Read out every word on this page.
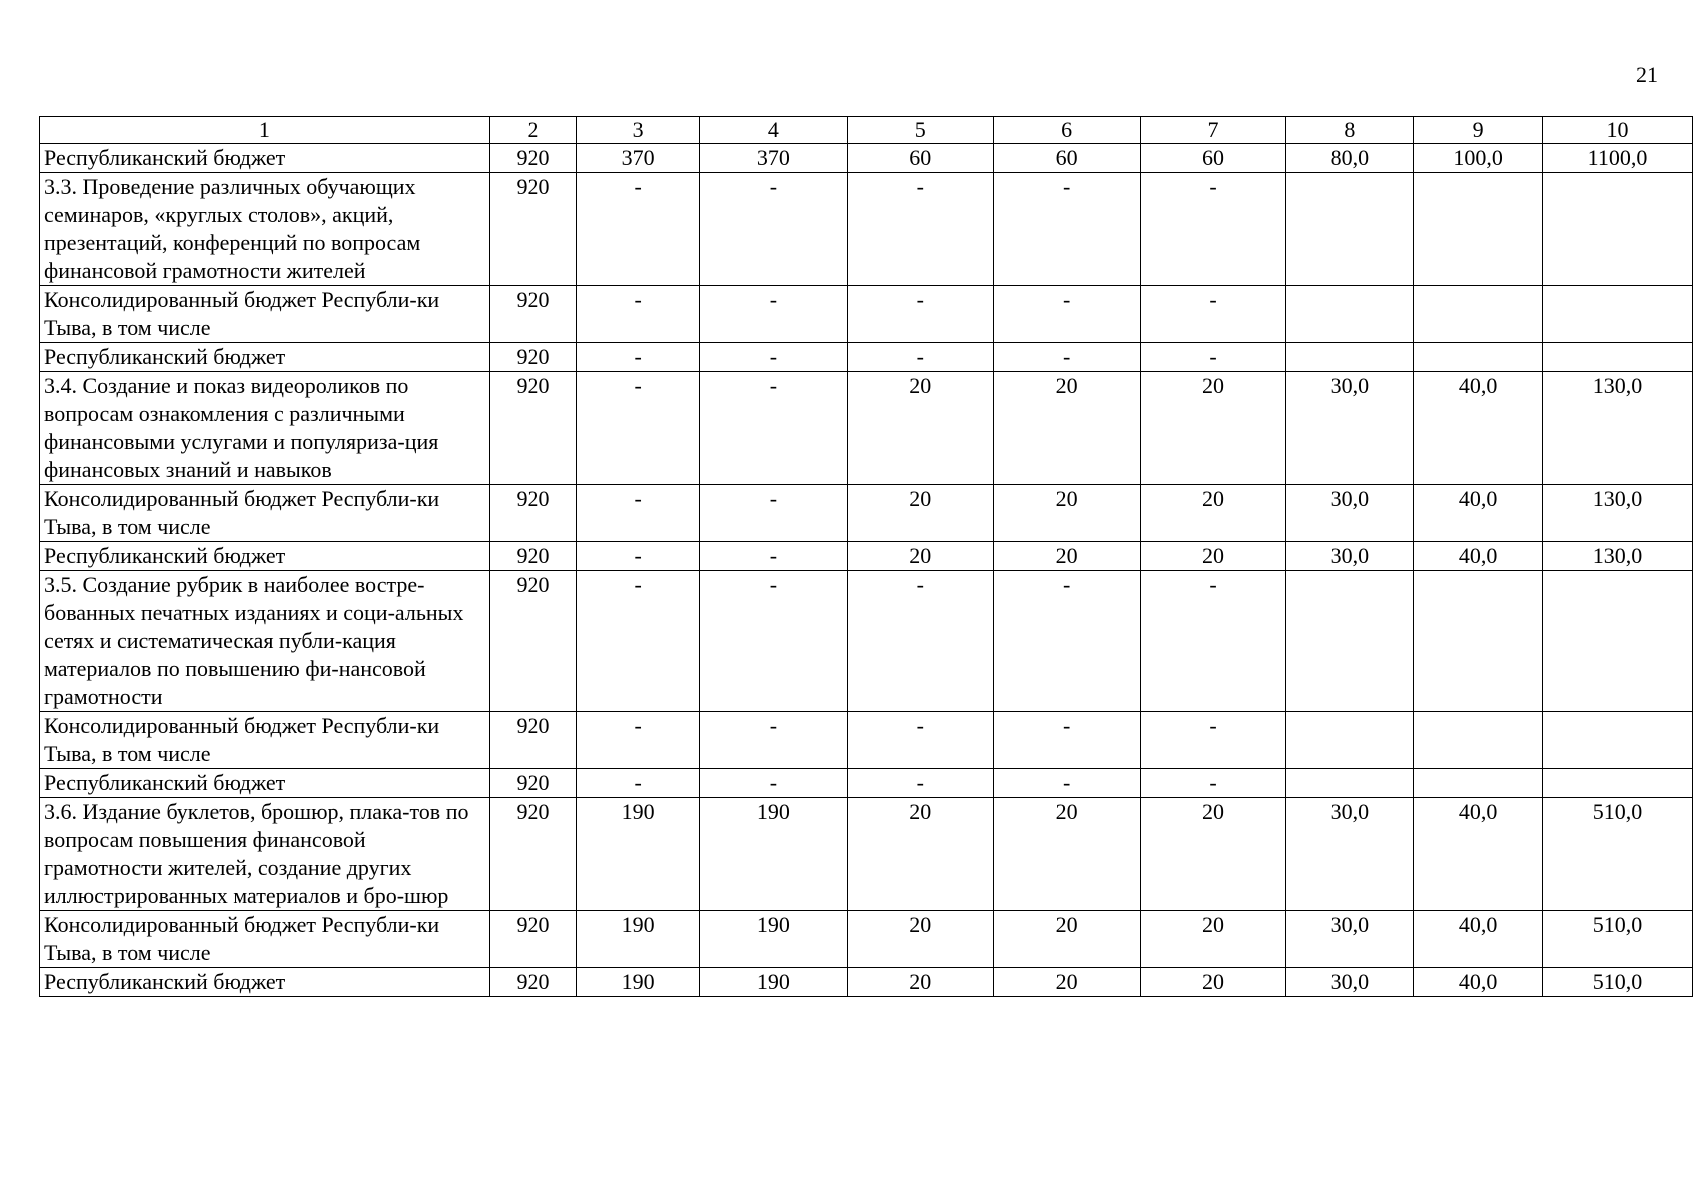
21
1	2	3	4	5	6	7	8	9	10
Республиканский бюджет	920	370	370	60	60	60	80,0	100,0	1100,0
3.3. Проведение различных обучающих семинаров, «круглых столов», акций, презентаций, конференций по вопросам финансовой грамотности жителей	920	-	-	-	-	-			
Консолидированный бюджет Республи-ки Тыва, в том числе	920	-	-	-	-	-			
Республиканский бюджет	920	-	-	-	-	-			
3.4. Создание и показ видеороликов по вопросам ознакомления с различными финансовыми услугами и популяриза-ция финансовых знаний и навыков	920	-	-	20	20	20	30,0	40,0	130,0
Консолидированный бюджет Республи-ки Тыва, в том числе	920	-	-	20	20	20	30,0	40,0	130,0
Республиканский бюджет	920	-	-	20	20	20	30,0	40,0	130,0
3.5. Создание рубрик в наиболее востре-бованных печатных изданиях и соци-альных сетях и систематическая публи-кация материалов по повышению фи-нансовой грамотности	920	-	-	-	-	-			
Консолидированный бюджет Республи-ки Тыва, в том числе	920	-	-	-	-	-			
Республиканский бюджет	920	-	-	-	-	-			
3.6. Издание буклетов, брошюр, плака-тов по вопросам повышения финансовой грамотности жителей, создание других иллюстрированных материалов и бро-шюр	920	190	190	20	20	20	30,0	40,0	510,0
Консолидированный бюджет Республи-ки Тыва, в том числе	920	190	190	20	20	20	30,0	40,0	510,0
Республиканский бюджет	920	190	190	20	20	20	30,0	40,0	510,0
